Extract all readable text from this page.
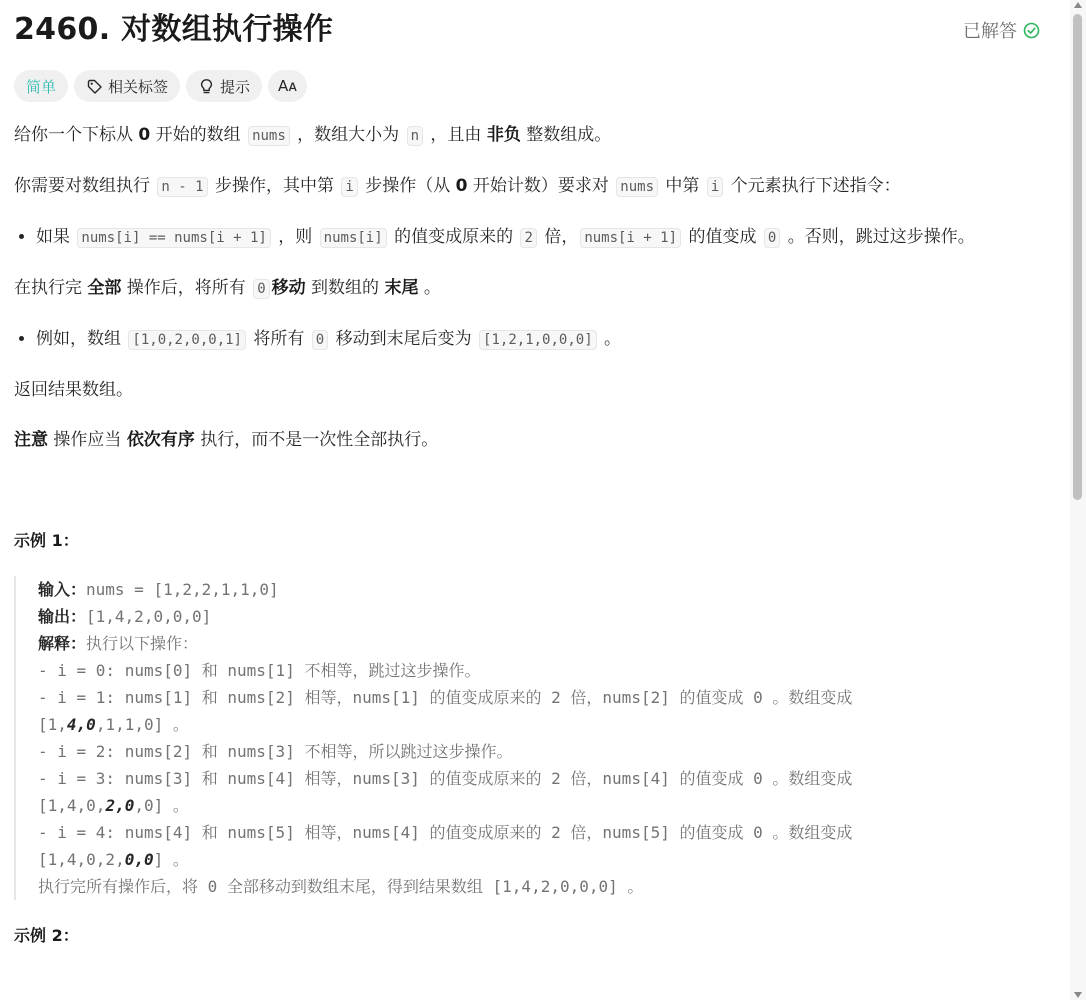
2460. 对数组执行操作	已解答
简单	相关标签	提示 Aᴀ

给你一个下标从 0 开始的数组 nums ，数组大小为 n ，且由 非负 整数组成。

你需要对数组执行 n - 1 步操作，其中第 i 步操作（从 0 开始计数）要求对 nums 中第 i 个元素执行下述指令：

• 如果 nums[i] == nums[i + 1] ，则 nums[i] 的值变成原来的 2 倍， nums[i + 1] 的值变成 0 。否则，跳过这步操作。

在执行完 全部 操作后，将所有 0 移动 到数组的 末尾 。

• 例如，数组 [1,0,2,0,0,1] 将所有 0 移动到末尾后变为 [1,2,1,0,0,0] 。

返回结果数组。

注意 操作应当 依次有序 执行，而不是一次性全部执行。

示例 1：

输入：nums = [1,2,2,1,1,0]
输出：[1,4,2,0,0,0]
解释：执行以下操作：
- i = 0: nums[0] 和 nums[1] 不相等，跳过这步操作。
- i = 1: nums[1] 和 nums[2] 相等，nums[1] 的值变成原来的 2 倍，nums[2] 的值变成 0 。数组变成
[1,4,0,1,1,0] 。
- i = 2: nums[2] 和 nums[3] 不相等，所以跳过这步操作。
- i = 3: nums[3] 和 nums[4] 相等，nums[3] 的值变成原来的 2 倍，nums[4] 的值变成 0 。数组变成
[1,4,0,2,0,0] 。
- i = 4: nums[4] 和 nums[5] 相等，nums[4] 的值变成原来的 2 倍，nums[5] 的值变成 0 。数组变成
[1,4,0,2,0,0] 。
执行完所有操作后，将 0 全部移动到数组末尾，得到结果数组 [1,4,2,0,0,0] 。

示例 2：
